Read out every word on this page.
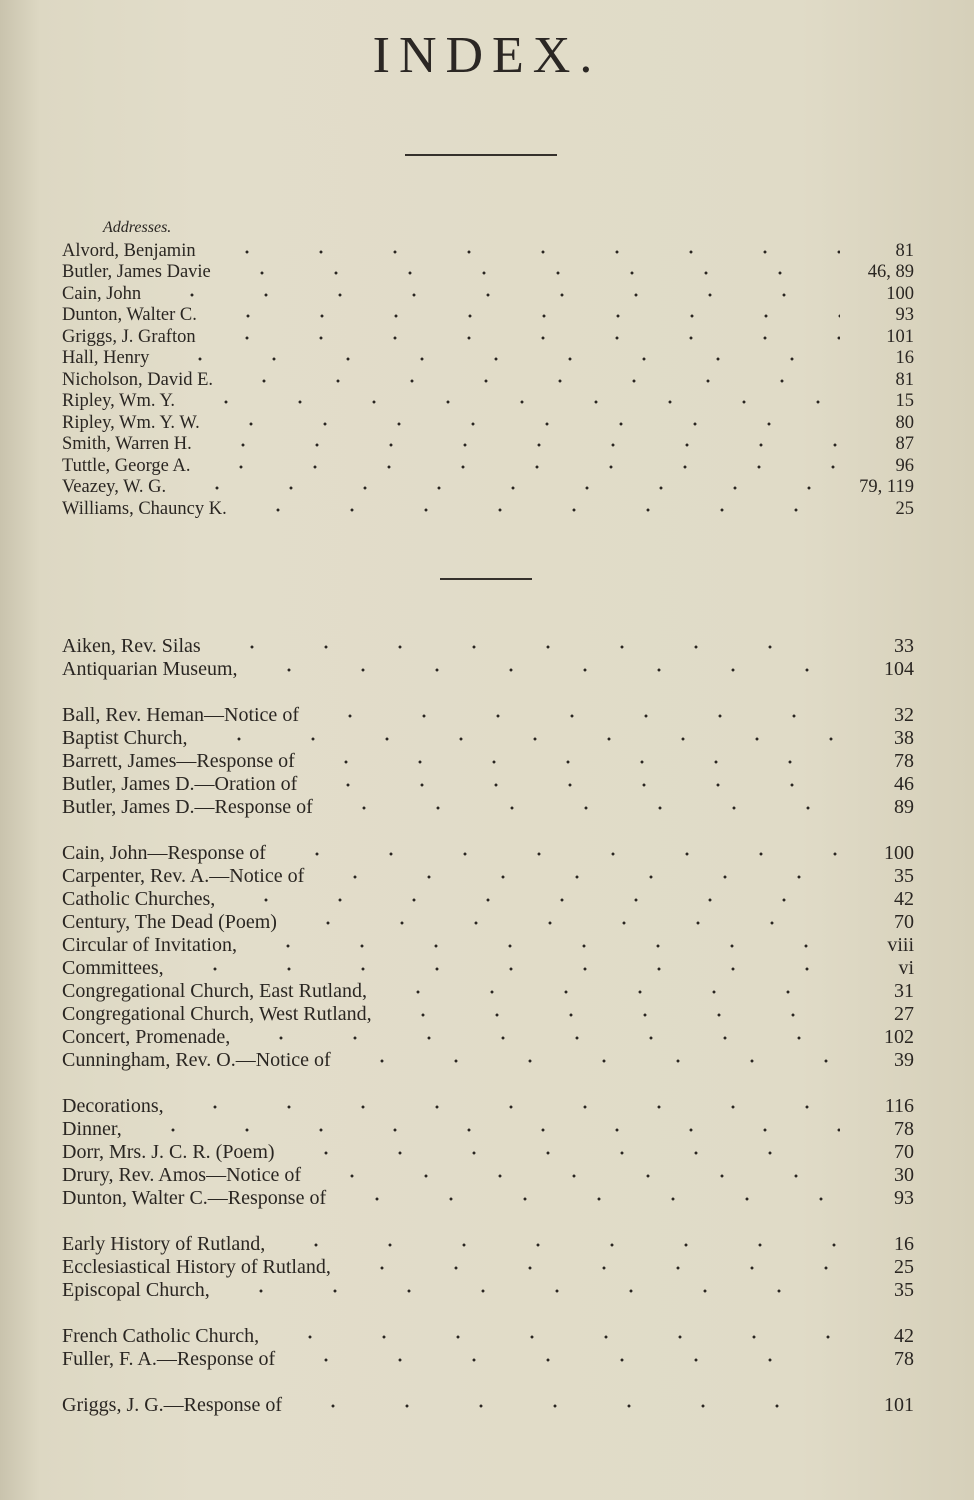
INDEX.
Addresses.
Alvord, Benjamin	81
Butler, James Davie	46, 89
Cain, John	100
Dunton, Walter C.	93
Griggs, J. Grafton	101
Hall, Henry	16
Nicholson, David E.	81
Ripley, Wm. Y.	15
Ripley, Wm. Y. W.	80
Smith, Warren H.	87
Tuttle, George A.	96
Veazey, W. G.	79, 119
Williams, Chauncy K.	25
Aiken, Rev. Silas	33
Antiquarian Museum,	104
Ball, Rev. Heman—Notice of	32
Baptist Church,	38
Barrett, James—Response of	78
Butler, James D.—Oration of	46
Butler, James D.—Response of	89
Cain, John—Response of	100
Carpenter, Rev. A.—Notice of	35
Catholic Churches,	42
Century, The Dead (Poem)	70
Circular of Invitation,	viii
Committees,	vi
Congregational Church, East Rutland,	31
Congregational Church, West Rutland,	27
Concert, Promenade,	102
Cunningham, Rev. O.—Notice of	39
Decorations,	116
Dinner,	78
Dorr, Mrs. J. C. R. (Poem)	70
Drury, Rev. Amos—Notice of	30
Dunton, Walter C.—Response of	93
Early History of Rutland,	16
Ecclesiastical History of Rutland,	25
Episcopal Church,	35
French Catholic Church,	42
Fuller, F. A.—Response of	78
Griggs, J. G.—Response of	101
